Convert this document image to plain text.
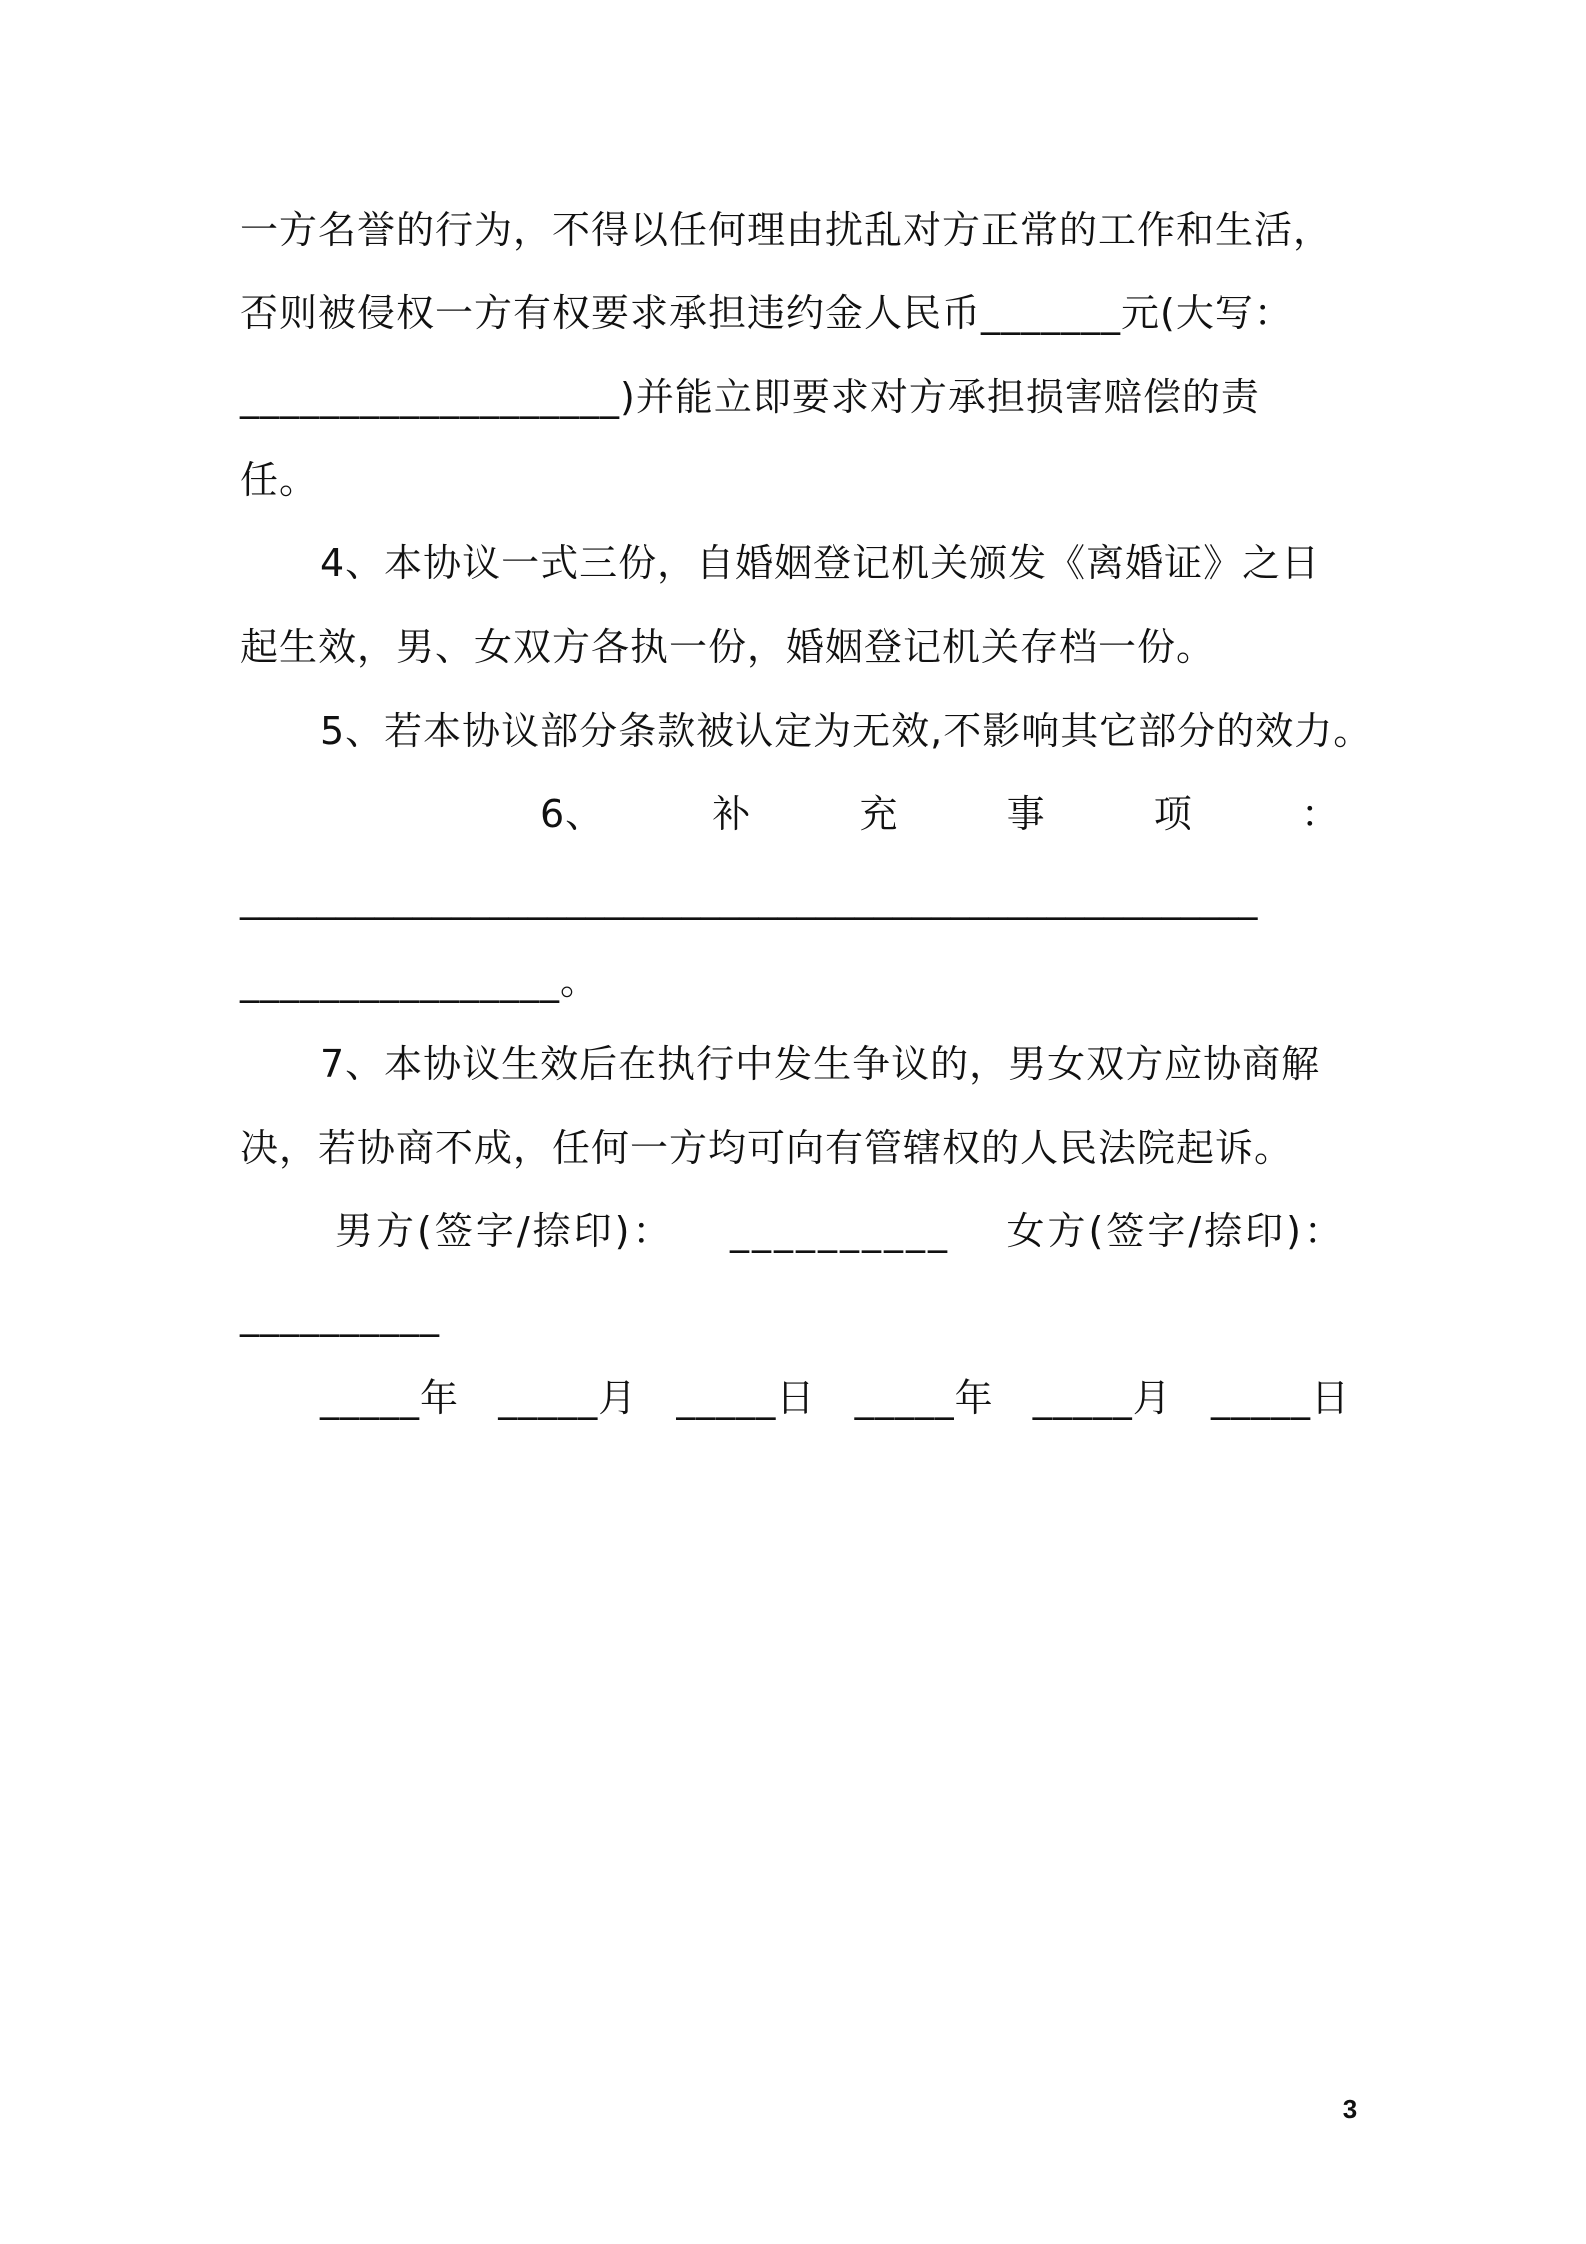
一方名誉的行为，不得以任何理由扰乱对方正常的工作和生活，
否则被侵权一方有权要求承担违约金人民币_______元(大写：
___________________)并能立即要求对方承担损害赔偿的责
任。
4、本协议一式三份，自婚姻登记机关颁发《离婚证》之日
起生效，男、女双方各执一份，婚姻登记机关存档一份。
5、若本协议部分条款被认定为无效,不影响其它部分的效力。
6、	补	充	事	项	：
_____________________________________________________
________________。
7、本协议生效后在执行中发生争议的，男女双方应协商解
决，若协商不成，任何一方均可向有管辖权的人民法院起诉。
男方(签字/捺印)： __________ 女方(签字/捺印)：
__________
_____年 _____月 _____日 _____年 _____月 _____日
3
